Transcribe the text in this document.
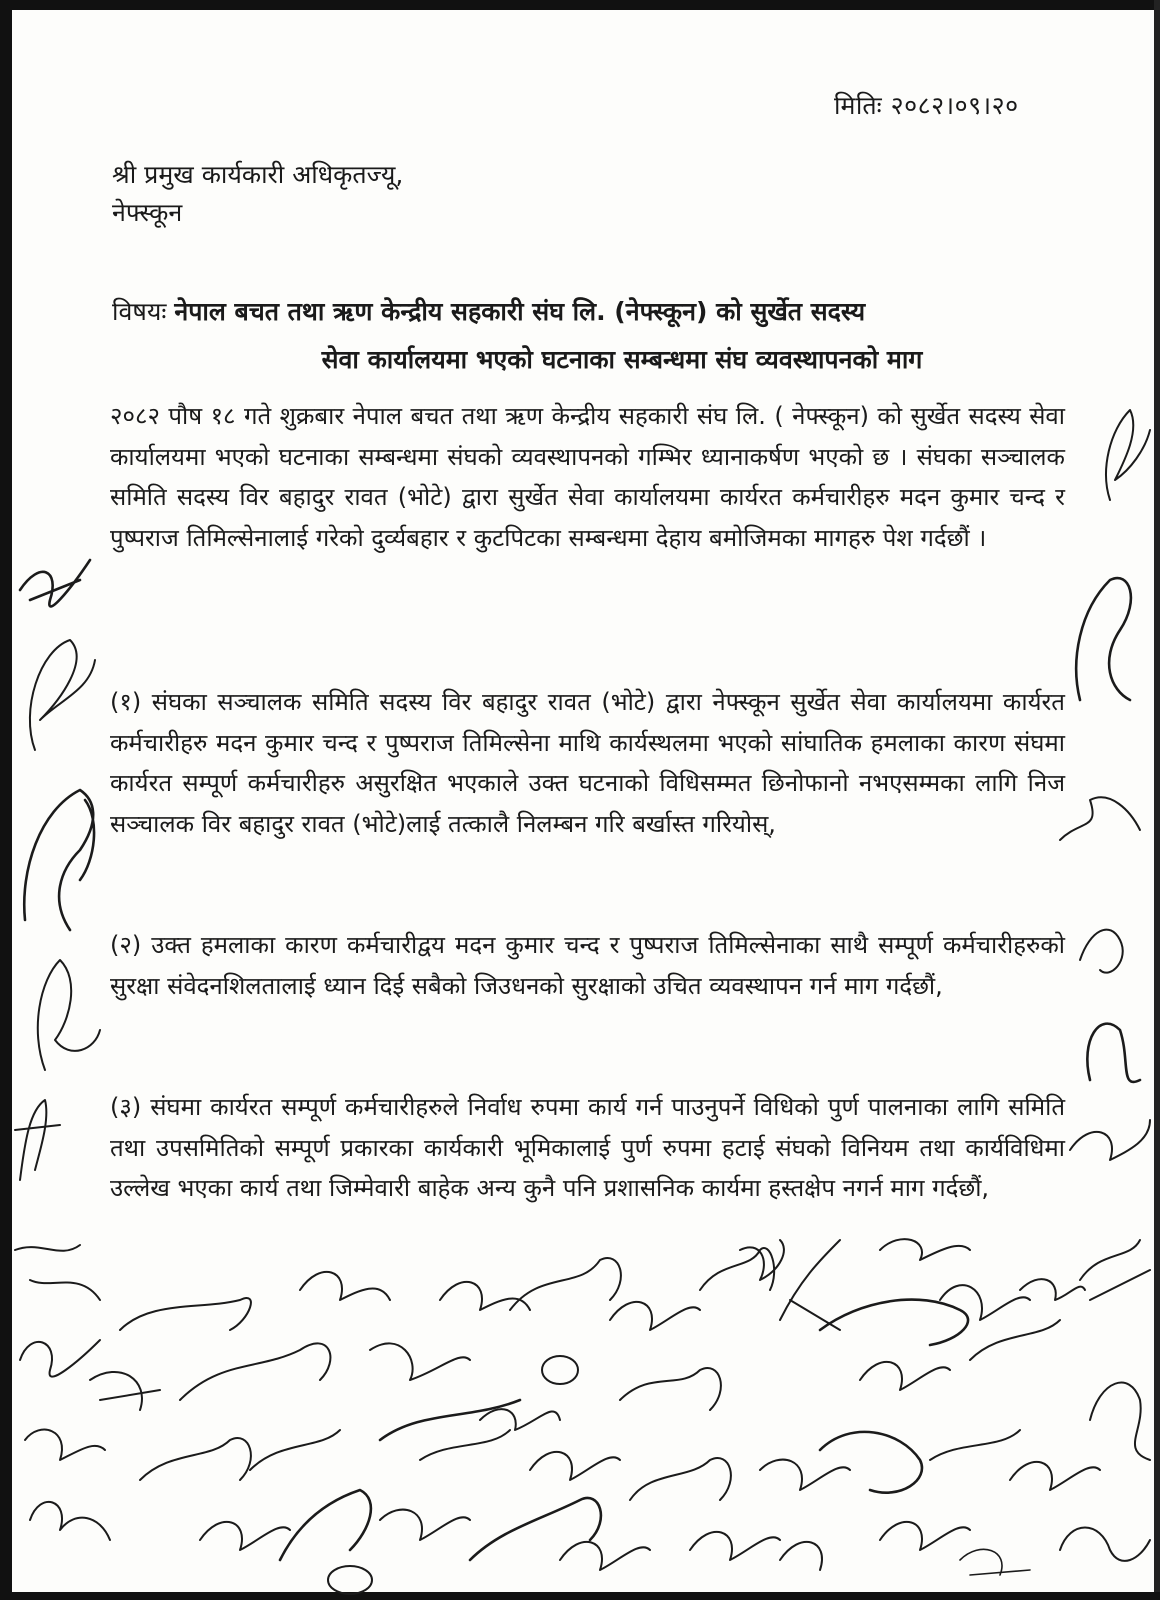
मितिः २०८२।०९।२०
श्री प्रमुख कार्यकारी अधिकृतज्यू,
नेफ्स्कून
विषयः नेपाल बचत तथा ऋण केन्द्रीय सहकारी संघ लि. (नेफ्स्कून) को सुर्खेत सदस्य
सेवा कार्यालयमा भएको घटनाका सम्बन्धमा संघ व्यवस्थापनको माग
२०८२ पौष १८ गते शुक्रबार नेपाल बचत तथा ऋण केन्द्रीय सहकारी संघ लि. ( नेफ्स्कून) को सुर्खेत सदस्य सेवा कार्यालयमा भएको घटनाका सम्बन्धमा संघको व्यवस्थापनको गम्भिर ध्यानाकर्षण भएको छ । संघका सञ्चालक समिति सदस्य विर बहादुर रावत (भोटे) द्वारा सुर्खेत सेवा कार्यालयमा कार्यरत कर्मचारीहरु मदन कुमार चन्द र पुष्पराज तिमिल्सेनालाई गरेको दुर्व्यबहार र कुटपिटका सम्बन्धमा देहाय बमोजिमका मागहरु पेश गर्दछौं ।
(१) संघका सञ्चालक समिति सदस्य विर बहादुर रावत (भोटे) द्वारा नेफ्स्कून सुर्खेत सेवा कार्यालयमा कार्यरत कर्मचारीहरु मदन कुमार चन्द र पुष्पराज तिमिल्सेना माथि कार्यस्थलमा भएको सांघातिक हमलाका कारण संघमा कार्यरत सम्पूर्ण कर्मचारीहरु असुरक्षित भएकाले उक्त घटनाको विधिसम्मत छिनोफानो नभएसम्मका लागि निज सञ्चालक विर बहादुर रावत (भोटे)लाई तत्कालै निलम्बन गरि बर्खास्त गरियोस्,
(२) उक्त हमलाका कारण कर्मचारीद्वय मदन कुमार चन्द र पुष्पराज तिमिल्सेनाका साथै सम्पूर्ण कर्मचारीहरुको सुरक्षा संवेदनशिलतालाई ध्यान दिई सबैको जिउधनको सुरक्षाको उचित व्यवस्थापन गर्न माग गर्दछौं,
(३) संघमा कार्यरत सम्पूर्ण कर्मचारीहरुले निर्वाध रुपमा कार्य गर्न पाउनुपर्ने विधिको पुर्ण पालनाका लागि समिति तथा उपसमितिको सम्पूर्ण प्रकारका कार्यकारी भूमिकालाई पुर्ण रुपमा हटाई संघको विनियम तथा कार्यविधिमा उल्लेख भएका कार्य तथा जिम्मेवारी बाहेक अन्य कुनै पनि प्रशासनिक कार्यमा हस्तक्षेप नगर्न माग गर्दछौं,
